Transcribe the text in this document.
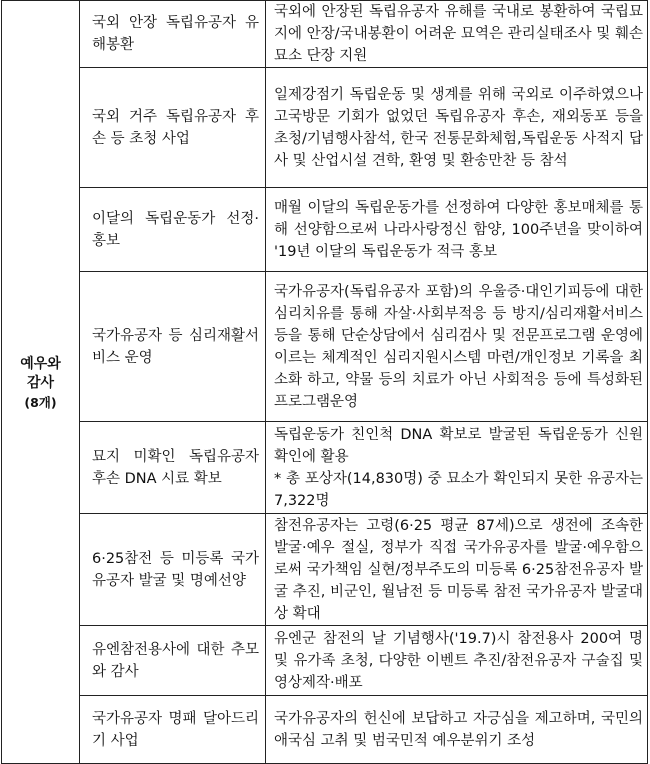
예우와
감사
(8개)	국외 안장 독립유공자 유해봉환	국외에 안장된 독립유공자 유해를 국내로 봉환하여 국립묘지에 안장/국내봉환이 어려운 묘역은 관리실태조사 및 훼손묘소 단장 지원
	국외 거주 독립유공자 후손 등 초청 사업	일제강점기 독립운동 및 생계를 위해 국외로 이주하였으나 고국방문 기회가 없었던 독립유공자 후손, 재외동포 등을 초청/기념행사참석, 한국 전통문화체험,독립운동 사적지 답사 및 산업시설 견학, 환영 및 환송만찬 등 참석
	이달의 독립운동가 선정·홍보	매월 이달의 독립운동가를 선정하여 다양한 홍보매체를 통해 선양함으로써 나라사랑정신 함양, 100주년을 맞이하여 '19년 이달의 독립운동가 적극 홍보
	국가유공자 등 심리재활서비스 운영	국가유공자(독립유공자 포함)의 우울증·대인기피등에 대한 심리치유를 통해 자살·사회부적응 등 방지/심리재활서비스 등을 통해 단순상담에서 심리검사 및 전문프로그램 운영에이르는 체계적인 심리지원시스템 마련/개인정보 기록을 최소화 하고, 약물 등의 치료가 아닌 사회적응 등에 특성화된 프로그램운영
	묘지 미확인 독립유공자 후손 DNA 시료 확보	독립운동가 친인척 DNA 확보로 발굴된 독립운동가 신원 확인에 활용
* 총 포상자(14,830명) 중 묘소가 확인되지 못한 유공자는 7,322명
	6·25참전 등 미등록 국가유공자 발굴 및 명예선양	참전유공자는 고령(6·25 평균 87세)으로 생전에 조속한 발굴·예우 절실, 정부가 직접 국가유공자를 발굴·예우함으로써 국가책임 실현/정부주도의 미등록 6·25참전유공자 발굴 추진, 비군인, 월남전 등 미등록 참전 국가유공자 발굴대상 확대
	유엔참전용사에 대한 추모와 감사	유엔군 참전의 날 기념행사('19.7)시 참전용사 200여 명 및 유가족 초청, 다양한 이벤트 추진/참전유공자 구술집 및 영상제작·배포
	국가유공자 명패 달아드리기 사업	국가유공자의 헌신에 보답하고 자긍심을 제고하며, 국민의 애국심 고취 및 범국민적 예우분위기 조성
